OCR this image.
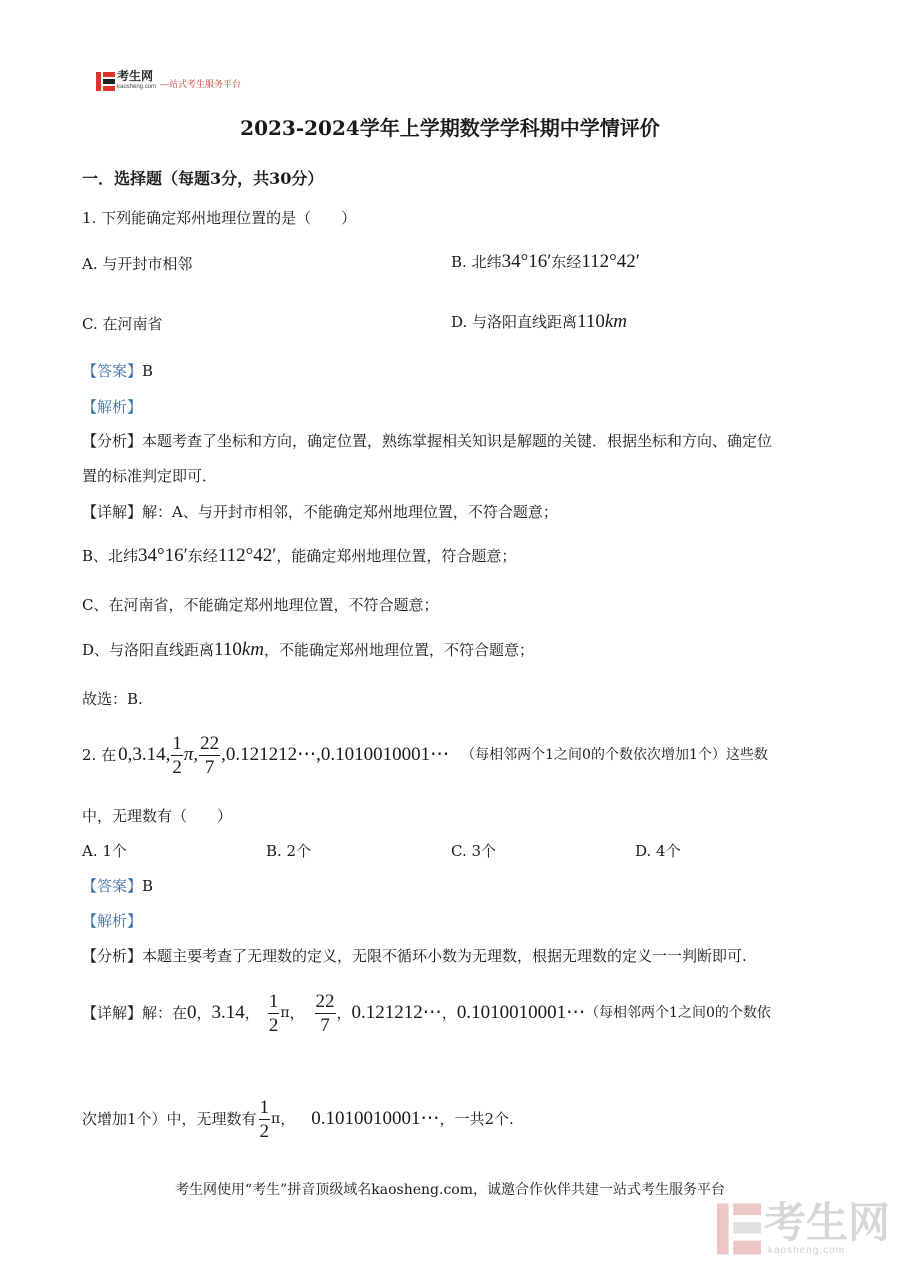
考生网
kaosheng.com —站式考生服务平台
2023-2024学年上学期数学学科期中学情评价
一．选择题（每题3分，共30分）
1. 下列能确定郑州地理位置的是（　　）
A. 与开封市相邻	B. 北纬34°16′东经112°42′
C. 在河南省	D. 与洛阳直线距离110km
【答案】B
【解析】
【分析】本题考查了坐标和方向，确定位置，熟练掌握相关知识是解题的关键．根据坐标和方向、确定位
置的标准判定即可．
【详解】解：A、与开封市相邻，不能确定郑州地理位置，不符合题意；
B、北纬34°16′东经112°42′，能确定郑州地理位置，符合题意；
C、在河南省，不能确定郑州地理位置，不符合题意；
D、与洛阳直线距离110km，不能确定郑州地理位置，不符合题意；
故选：B.
2.
在 0,3.14, $\frac{1}{2} \pi$, $\frac{22}{7}$ ,0.121212⋯,0.1010010001⋯ （每相邻两个1之间0的个数依次增加1个）这些数
中，无理数有（　　）
A. 1个	B. 2个	C. 3个	D. 4个
【答案】B
【解析】
【分析】本题主要考查了无理数的定义，无限不循环小数为无理数，根据无理数的定义一一判断即可.
【详解】 解：在 0 ， 3.14 ， $\frac{1}{2}$ π ， $\frac{22}{7}$ ， 0.121212⋯ ， 0.1010010001⋯ （每相邻两个1之间0的个数依
次增加1个）中，无理数有 $\frac{1}{2}$ π ， 0.1010010001⋯ ，一共2个.
考生网使用“考生”拼音顶级域名kaosheng.com，诚邀合作伙伴共建一站式考生服务平台
考生网
kaosheng.com
